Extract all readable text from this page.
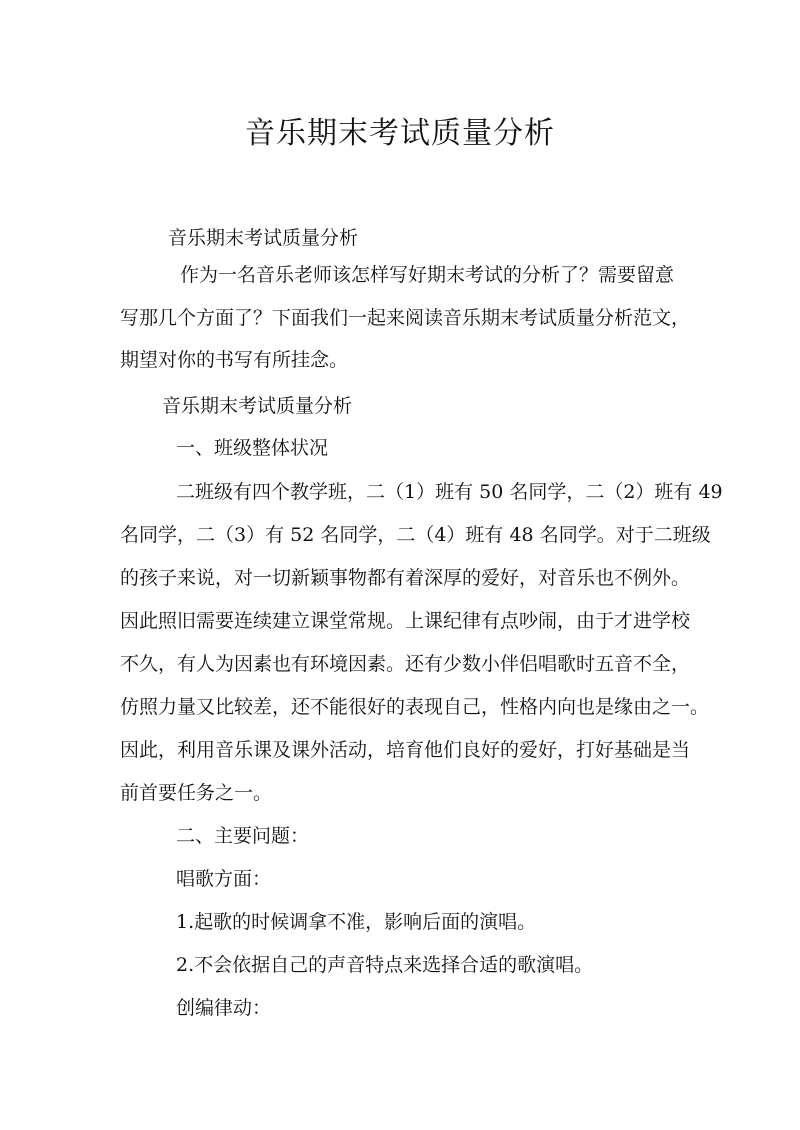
音乐期末考试质量分析

音乐期末考试质量分析

作为一名音乐老师该怎样写好期末考试的分析了？需要留意

写那几个方面了？下面我们一起来阅读音乐期末考试质量分析范文，

期望对你的书写有所挂念。

音乐期末考试质量分析

一、班级整体状况

二班级有四个教学班，二（1）班有 50 名同学，二（2）班有 49

名同学，二（3）有 52 名同学，二（4）班有 48 名同学。对于二班级

的孩子来说，对一切新颖事物都有着深厚的爱好，对音乐也不例外。

因此照旧需要连续建立课堂常规。上课纪律有点吵闹，由于才进学校

不久，有人为因素也有环境因素。还有少数小伴侣唱歌时五音不全，

仿照力量又比较差，还不能很好的表现自己，性格内向也是缘由之一。

因此，利用音乐课及课外活动，培育他们良好的爱好，打好基础是当

前首要任务之一。

二、主要问题：

唱歌方面：

1.起歌的时候调拿不准，影响后面的演唱。

2.不会依据自己的声音特点来选择合适的歌演唱。

创编律动：
